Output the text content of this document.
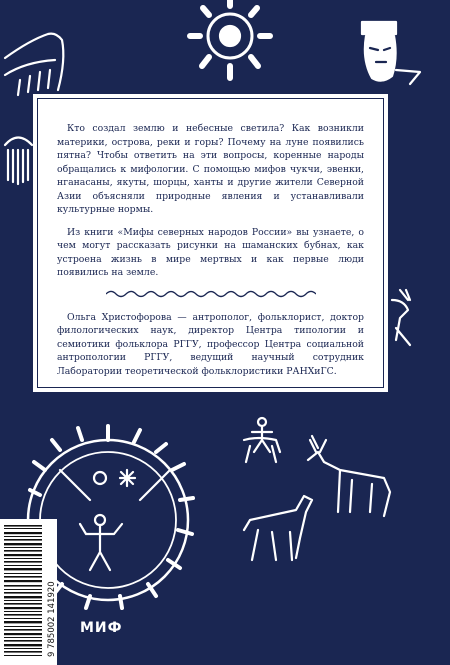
Кто создал землю и небесные светила? Как возникли материки, острова, реки и горы? Почему на луне появились пятна? Чтобы ответить на эти вопросы, коренные народы обращались к мифологии. С помощью мифов чукчи, эвенки, нганасаны, якуты, шорцы, ханты и другие жители Северной Азии объясняли природные явления и устанавливали культурные нормы.

Из книги «Мифы северных народов России» вы узнаете, о чем могут рассказать рисунки на шаманских бубнах, как устроена жизнь в мире мертвых и как первые люди появились на земле.

Ольга Христофорова — антрополог, фольклорист, доктор филологических наук, директор Центра типологии и семиотики фольклора РГГУ, профессор Центра социальной антропологии РГГУ, ведущий научный сотрудник Лаборатории теоретической фольклористики РАНХиГС.

9 785002 141920 МИФ
